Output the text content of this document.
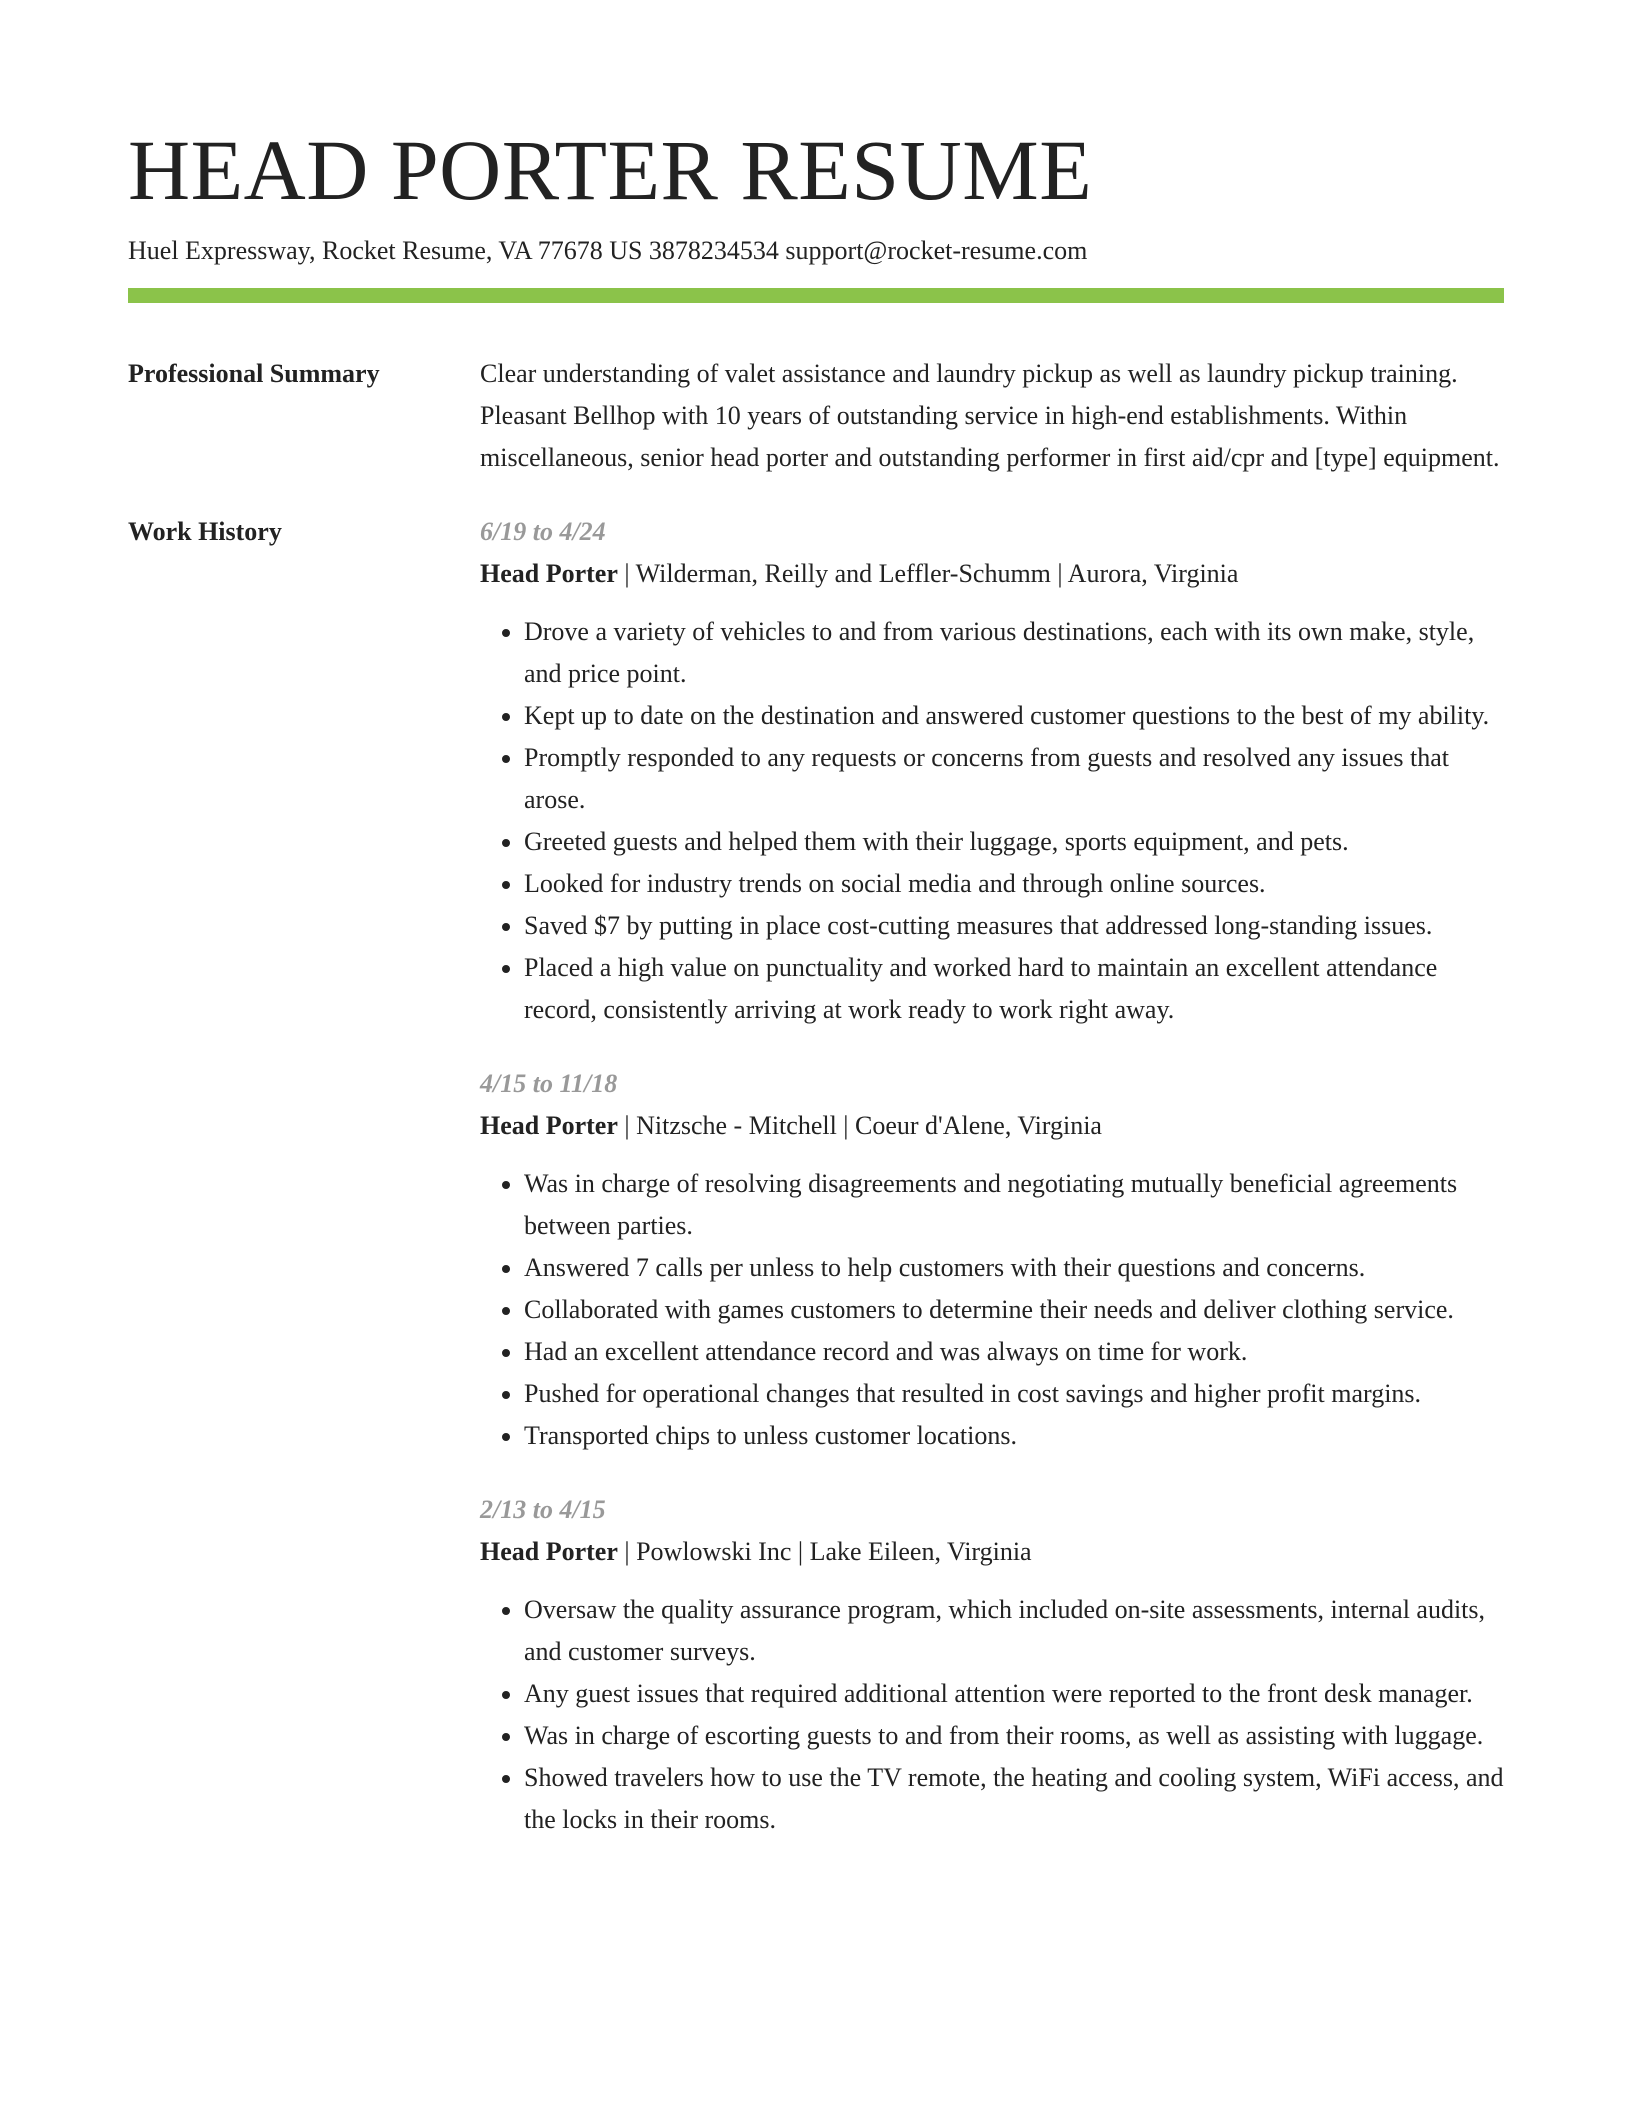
HEAD PORTER RESUME
Huel Expressway, Rocket Resume, VA 77678 US 3878234534 support@rocket-resume.com
Professional Summary	Clear understanding of valet assistance and laundry pickup as well as laundry pickup training. Pleasant Bellhop with 10 years of outstanding service in high-end establishments. Within miscellaneous, senior head porter and outstanding performer in first aid/cpr and [type] equipment.

Work History	6/19 to 4/24
Head Porter | Wilderman, Reilly and Leffler-Schumm | Aurora, Virginia
• Drove a variety of vehicles to and from various destinations, each with its own make, style, and price point.
• Kept up to date on the destination and answered customer questions to the best of my ability.
• Promptly responded to any requests or concerns from guests and resolved any issues that arose.
• Greeted guests and helped them with their luggage, sports equipment, and pets.
• Looked for industry trends on social media and through online sources.
• Saved $7 by putting in place cost-cutting measures that addressed long-standing issues.
• Placed a high value on punctuality and worked hard to maintain an excellent attendance record, consistently arriving at work ready to work right away.
4/15 to 11/18
Head Porter | Nitzsche - Mitchell | Coeur d'Alene, Virginia
• Was in charge of resolving disagreements and negotiating mutually beneficial agreements between parties.
• Answered 7 calls per unless to help customers with their questions and concerns.
• Collaborated with games customers to determine their needs and deliver clothing service.
• Had an excellent attendance record and was always on time for work.
• Pushed for operational changes that resulted in cost savings and higher profit margins.
• Transported chips to unless customer locations.
2/13 to 4/15
Head Porter | Powlowski Inc | Lake Eileen, Virginia
• Oversaw the quality assurance program, which included on-site assessments, internal audits, and customer surveys.
• Any guest issues that required additional attention were reported to the front desk manager.
• Was in charge of escorting guests to and from their rooms, as well as assisting with luggage.
• Showed travelers how to use the TV remote, the heating and cooling system, WiFi access, and the locks in their rooms.
